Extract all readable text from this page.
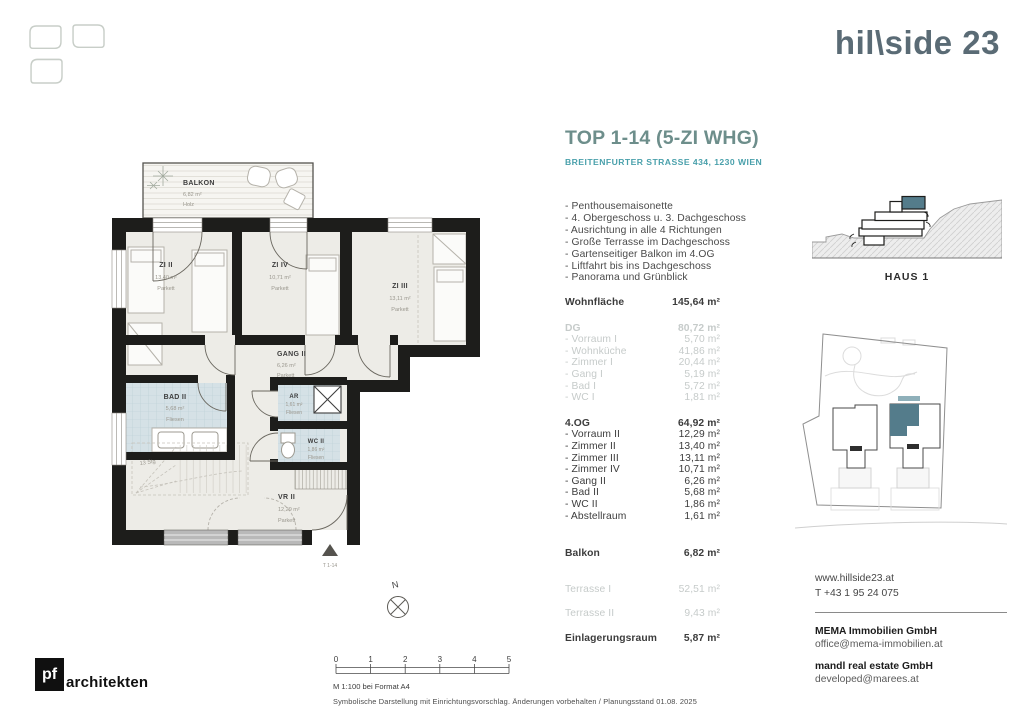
hil\side 23
BALKON
6,82 m²
Holz
ZI II
13,40 m²
Parkett
ZI IV
10,71 m²
Parkett	ZI III
13,11 m²
Parkett
BAD II
5,68 m²
Fliesen
AR
1,61 m²
Fliesen
WC II
1,86 m²
Fliesen
GANG II
6,26 m²
Parkett
VR II
12,29 m²
Parkett
13 Stg
T 1-14
N
TOP 1-14 (5-ZI WHG)
BREITENFURTER STRASSE 434, 1230 WIEN
- Penthousemaisonette
- 4. Obergeschoss u. 3. Dachgeschoss
- Ausrichtung in alle 4 Richtungen
- Große Terrasse im Dachgeschoss
- Gartenseitiger Balkon im 4.OG
- Liftfahrt bis ins Dachgeschoss
- Panorama und Grünblick
Wohnfläche	145,64 m²
DG	80,72 m²
- Vorraum I	5,70 m²
- Wohnküche	41,86 m²
- Zimmer I	20,44 m²
- Gang I	5,19 m²
- Bad I	5,72 m²
- WC I	1,81 m²
4.OG	64,92 m²
- Vorraum II	12,29 m²
- Zimmer II	13,40 m²
- Zimmer III	13,11 m²
- Zimmer IV	10,71 m²
- Gang II	6,26 m²
- Bad II	5,68 m²
- WC II	1,86 m²
- Abstellraum	1,61 m²
Balkon	6,82 m²
Terrasse I	52,51 m²
Terrasse II	9,43 m²
Einlagerungsraum	5,87 m²
HAUS 1
www.hillside23.at
T +43 1 95 24 075
MEMA Immobilien GmbH
office@mema-immobilien.at
mandl real estate GmbH
developed@marees.at
pf architekten
0	1	2	3	4	5
M 1:100 bei Format A4
Symbolische Darstellung mit Einrichtungsvorschlag. Änderungen vorbehalten / Planungsstand 01.08. 2025
